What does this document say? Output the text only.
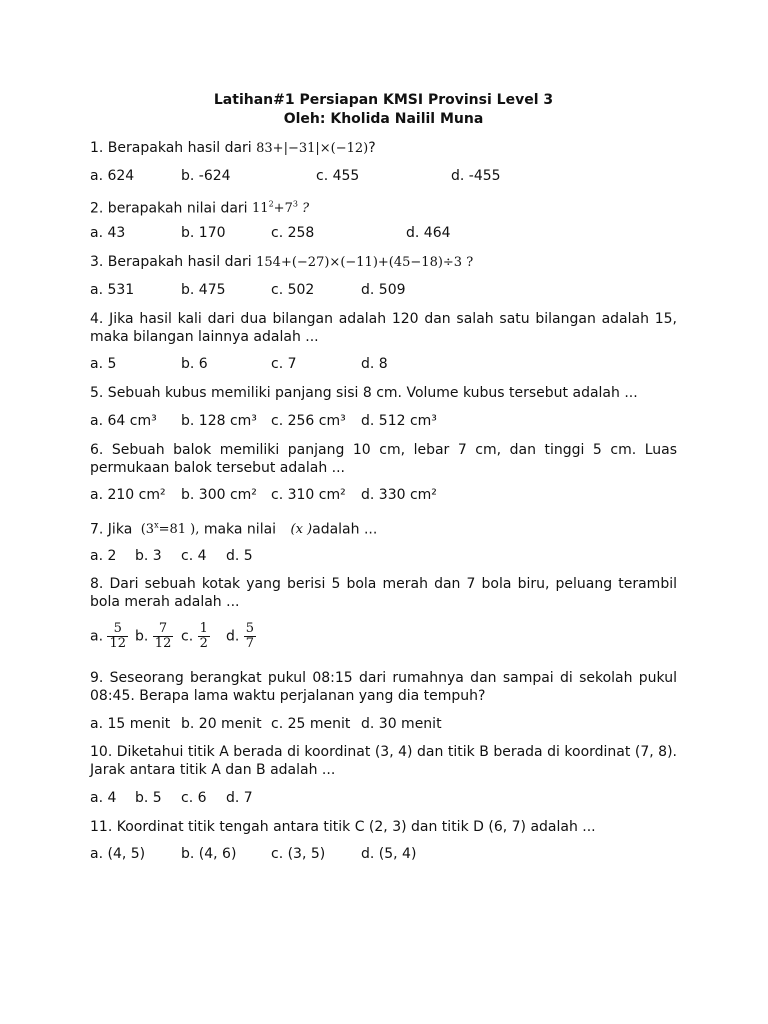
Latihan#1 Persiapan KMSI Provinsi Level 3
Oleh: Kholida Nailil Muna
1. Berapakah hasil dari 83+|−31|×(−12)?
a. 624	b. -624	c. 455	d. -455
2. berapakah nilai dari $11^2+7^3$ ?
a. 43	b. 170	c. 258	d. 464
3. Berapakah hasil dari 154+(−27)×(−11)+(45−18)÷3 ?
a. 531	b. 475	c. 502	d. 509
4. Jika hasil kali dari dua bilangan adalah 120 dan salah satu bilangan adalah 15, maka bilangan lainnya adalah ...
a. 5	b. 6	c. 7	d. 8
5. Sebuah kubus memiliki panjang sisi 8 cm. Volume kubus tersebut adalah ...
a. 64 cm³ b. 128 cm³ c. 256 cm³ d. 512 cm³
6. Sebuah balok memiliki panjang 10 cm, lebar 7 cm, dan tinggi 5 cm. Luas permukaan balok tersebut adalah ...
a. 210 cm² b. 300 cm² c. 310 cm² d. 330 cm²
7. Jika ($3^x=81$ ), maka nilai (x )adalah ...
a. 2 b. 3 c. 4 d. 5
8. Dari sebuah kotak yang berisi 5 bola merah dan 7 bola biru, peluang terambil bola merah adalah ...
a. $\frac{5}{12} b$. $\frac{7}{12} c$. $\frac{1}{2} d$. $\frac{5}{7}$
9. Seseorang berangkat pukul 08:15 dari rumahnya dan sampai di sekolah pukul 08:45. Berapa lama waktu perjalanan yang dia tempuh?
a. 15 menit b. 20 menit c. 25 menit d. 30 menit
10. Diketahui titik A berada di koordinat (3, 4) dan titik B berada di koordinat (7, 8). Jarak antara titik A dan B adalah ...
a. 4 b. 5 c. 6 d. 7
11. Koordinat titik tengah antara titik C (2, 3) dan titik D (6, 7) adalah ...
a. (4, 5)	b. (4, 6) c. (3, 5)	d. (5, 4)
